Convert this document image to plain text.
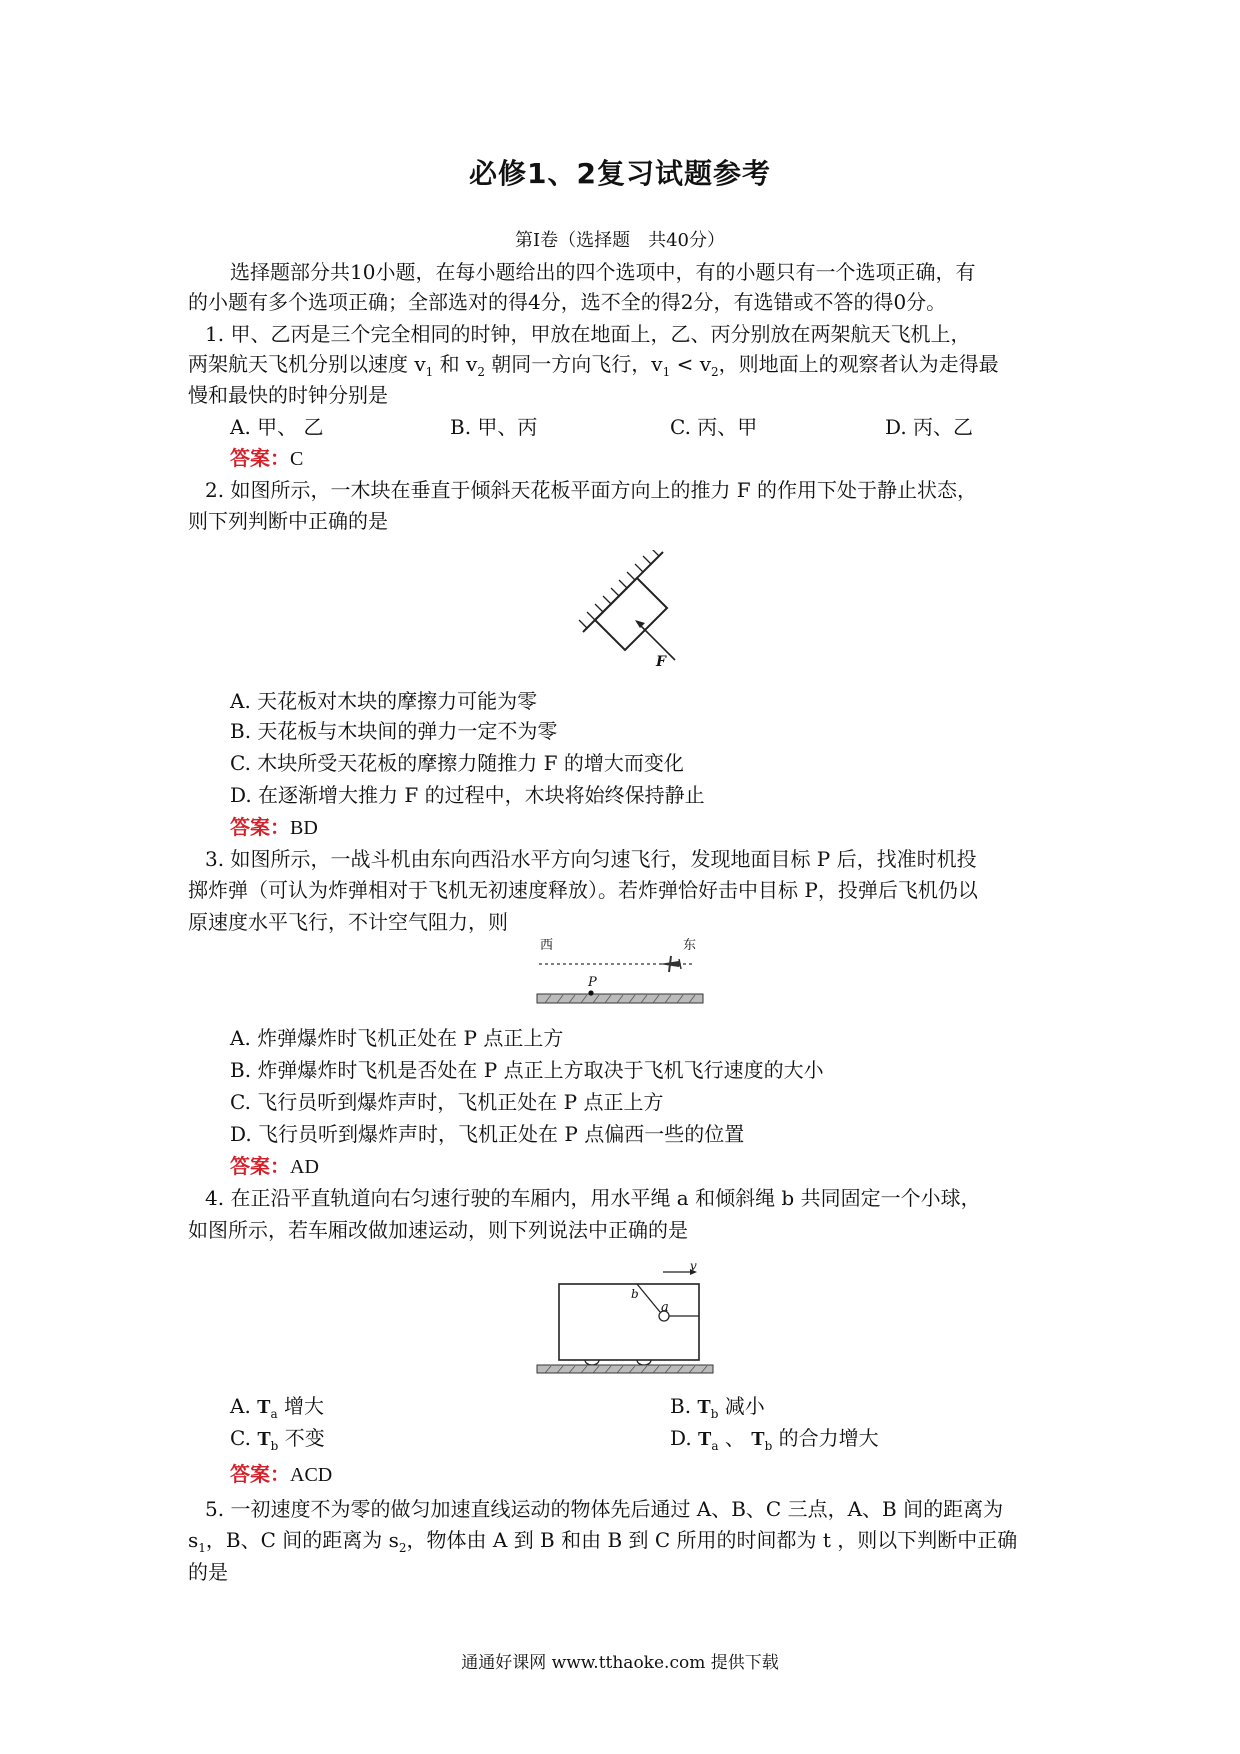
必修1、2复习试题参考
第Ⅰ卷（选择题　共40分）
选择题部分共10小题，在每小题给出的四个选项中，有的小题只有一个选项正确，有
的小题有多个选项正确；全部选对的得4分，选不全的得2分，有选错或不答的得0分。
1. 甲、乙丙是三个完全相同的时钟，甲放在地面上，乙、丙分别放在两架航天飞机上，
两架航天飞机分别以速度 $v_1$ 和 $v_2$ 朝同一方向飞行，$v_1 < v_2$，则地面上的观察者认为走得最
慢和最快的时钟分别是
A. 甲、 乙	B. 甲、丙	C. 丙、甲	D. 丙、乙
答案：C
2. 如图所示，一木块在垂直于倾斜天花板平面方向上的推力 F 的作用下处于静止状态，
则下列判断中正确的是
F
A. 天花板对木块的摩擦力可能为零
B. 天花板与木块间的弹力一定不为零
C. 木块所受天花板的摩擦力随推力 F 的增大而变化
D. 在逐渐增大推力 F 的过程中，木块将始终保持静止
答案：BD
3. 如图所示，一战斗机由东向西沿水平方向匀速飞行，发现地面目标 P 后，找准时机投
掷炸弹（可认为炸弹相对于飞机无初速度释放）。若炸弹恰好击中目标 P，投弹后飞机仍以
原速度水平飞行，不计空气阻力，则
西	东
P
A. 炸弹爆炸时飞机正处在 P 点正上方
B. 炸弹爆炸时飞机是否处在 P 点正上方取决于飞机飞行速度的大小
C. 飞行员听到爆炸声时，飞机正处在 P 点正上方
D. 飞行员听到爆炸声时，飞机正处在 P 点偏西一些的位置
答案：AD
4. 在正沿平直轨道向右匀速行驶的车厢内，用水平绳 a 和倾斜绳 b 共同固定一个小球，
如图所示，若车厢改做加速运动，则下列说法中正确的是
v
b
a
A. $T_a$ 增大	B. $T_b$ 减小
C. $T_b$ 不变	D. $T_a$ 、 $T_b$ 的合力增大
答案：ACD
5. 一初速度不为零的做匀加速直线运动的物体先后通过 A、B、C 三点，A、B 间的距离为
$s_1$，B、C 间的距离为 $s_2$，物体由 A 到 B 和由 B 到 C 所用的时间都为 t ，则以下判断中正确
的是
通通好课网 www.tthaoke.com 提供下载
